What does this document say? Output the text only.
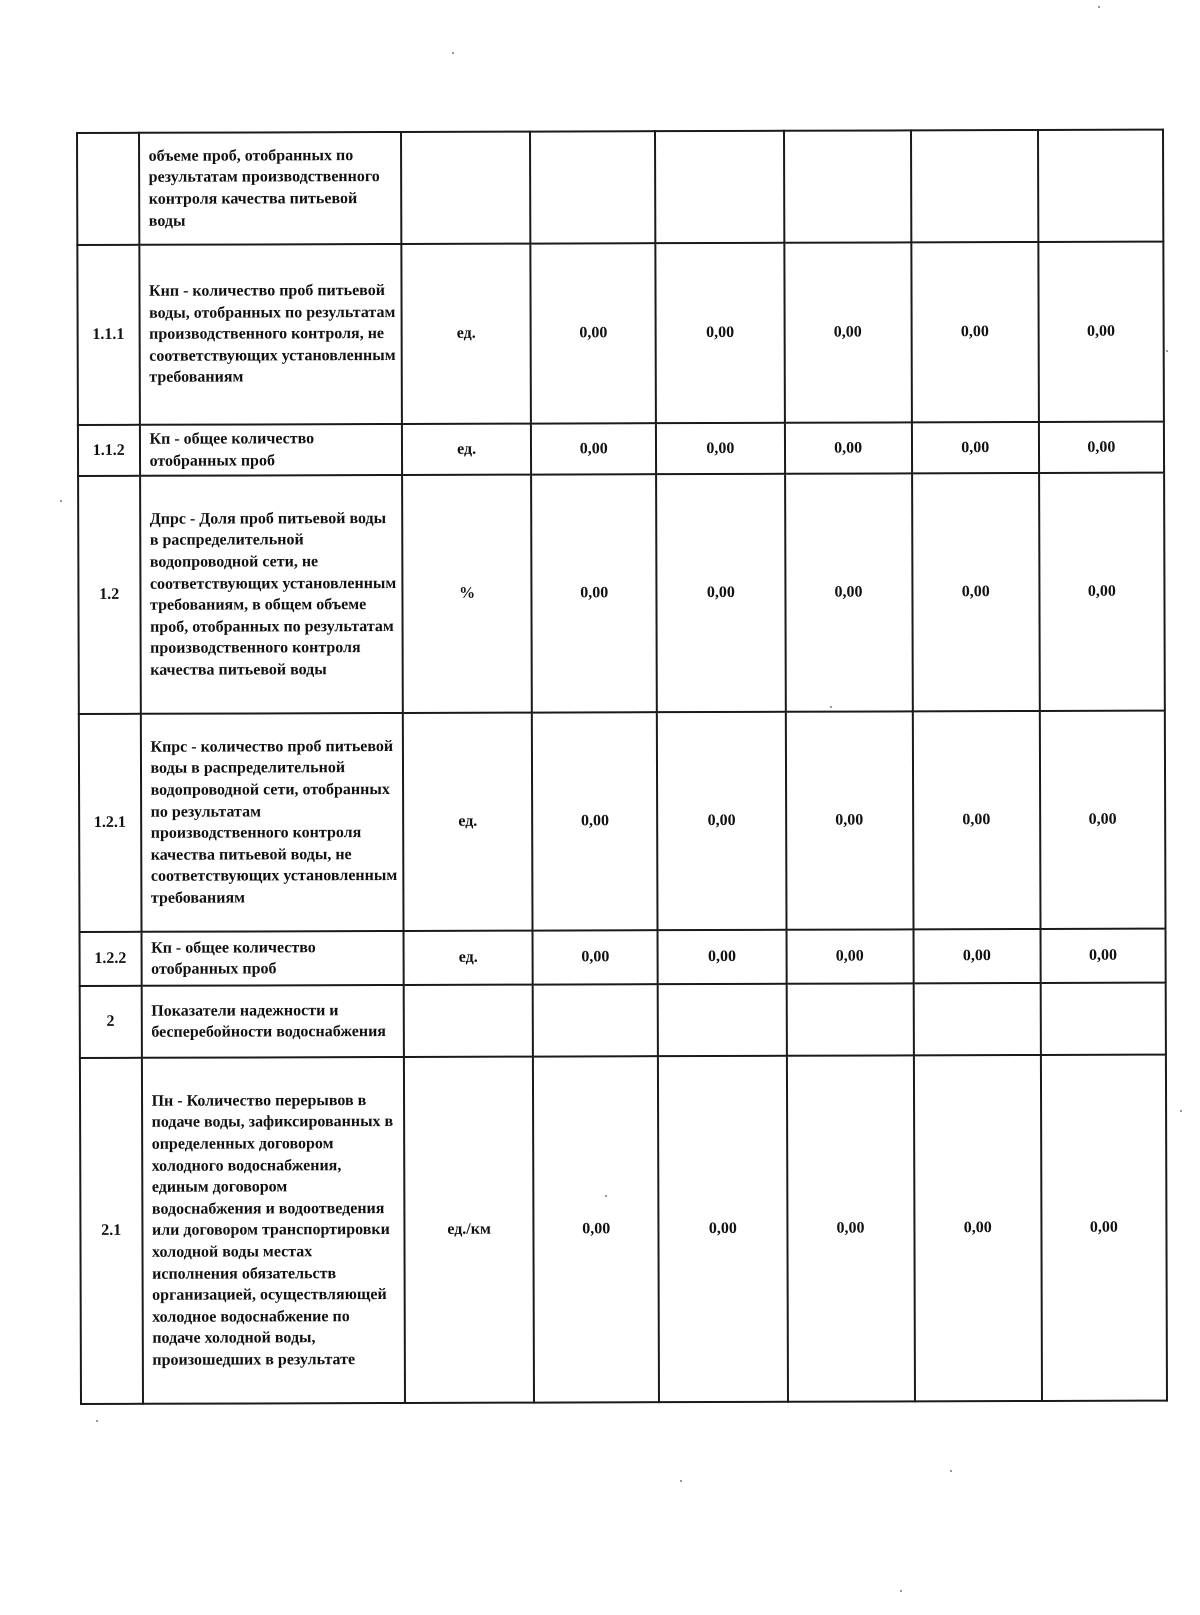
	объеме проб, отобранных по результатам производственного контроля качества питьевой воды						
1.1.1	Кнп - количество проб питьевой воды, отобранных по результатам производственного контроля, не соответствующих установленным требованиям	ед.	0,00	0,00	0,00	0,00	0,00
1.1.2	Кп - общее количество отобранных проб	ед.	0,00	0,00	0,00	0,00	0,00
1.2	Дпрс - Доля проб питьевой воды в распределительной водопроводной сети, не соответствующих установленным требованиям, в общем объеме проб, отобранных по результатам производственного контроля качества питьевой воды	%	0,00	0,00	0,00	0,00	0,00
1.2.1	Кпрс - количество проб питьевой воды в распределительной водопроводной сети, отобранных по результатам производственного контроля качества питьевой воды, не соответствующих установленным требованиям	ед.	0,00	0,00	0,00	0,00	0,00
1.2.2	Кп - общее количество отобранных проб	ед.	0,00	0,00	0,00	0,00	0,00
2	Показатели надежности и бесперебойности водоснабжения						
2.1	Пн - Количество перерывов в подаче воды, зафиксированных в определенных договором холодного водоснабжения, единым договором водоснабжения и водоотведения или договором транспортировки холодной воды местах исполнения обязательств организацией, осуществляющей холодное водоснабжение по подаче холодной воды, произошедших в результате	ед./км	0,00	0,00	0,00	0,00	0,00
